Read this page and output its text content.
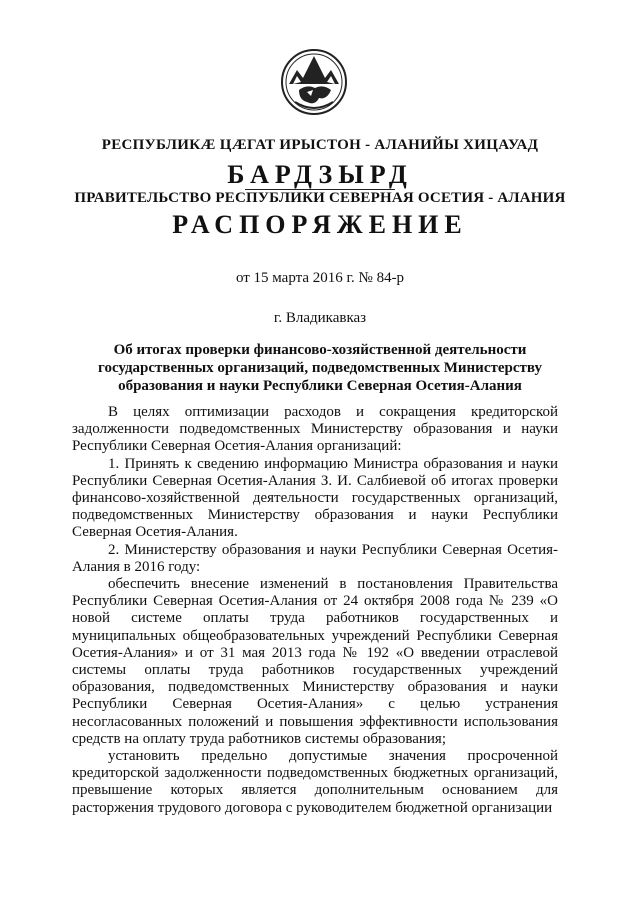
РЕСПУБЛИКӔ ЦӔГАТ ИРЫСТОН - АЛАНИЙЫ ХИЦАУАД
БАРДЗЫРД
ПРАВИТЕЛЬСТВО РЕСПУБЛИКИ СЕВЕРНАЯ ОСЕТИЯ - АЛАНИЯ
РАСПОРЯЖЕНИЕ
от 15 марта 2016 г. № 84-р
г. Владикавказ
Об итогах проверки финансово-хозяйственной деятельности государственных организаций, подведомственных Министерству образования и науки Республики Северная Осетия-Алания

В целях оптимизации расходов и сокращения кредиторской задолженности подведомственных Министерству образования и науки Республики Северная Осетия-Алания организаций:

1. Принять к сведению информацию Министра образования и науки Республики Северная Осетия-Алания З. И. Салбиевой об итогах проверки финансово-хозяйственной деятельности государственных организаций, подведомственных Министерству образования и науки Республики Северная Осетия-Алания.

2. Министерству образования и науки Республики Северная Осетия-Алания в 2016 году:

обеспечить внесение изменений в постановления Правительства Республики Северная Осетия-Алания от 24 октября 2008 года № 239 «О новой системе оплаты труда работников государственных и муниципальных общеобразовательных учреждений Республики Северная Осетия-Алания» и от 31 мая 2013 года № 192 «О введении отраслевой системы оплаты труда работников государственных учреждений образования, подведомственных Министерству образования и науки Республики Северная Осетия-Алания» с целью устранения несогласованных положений и повышения эффективности использования средств на оплату труда работников системы образования;

установить предельно допустимые значения просроченной кредиторской задолженности подведомственных бюджетных организаций, превышение которых является дополнительным основанием для расторжения трудового договора с руководителем бюджетной организации
